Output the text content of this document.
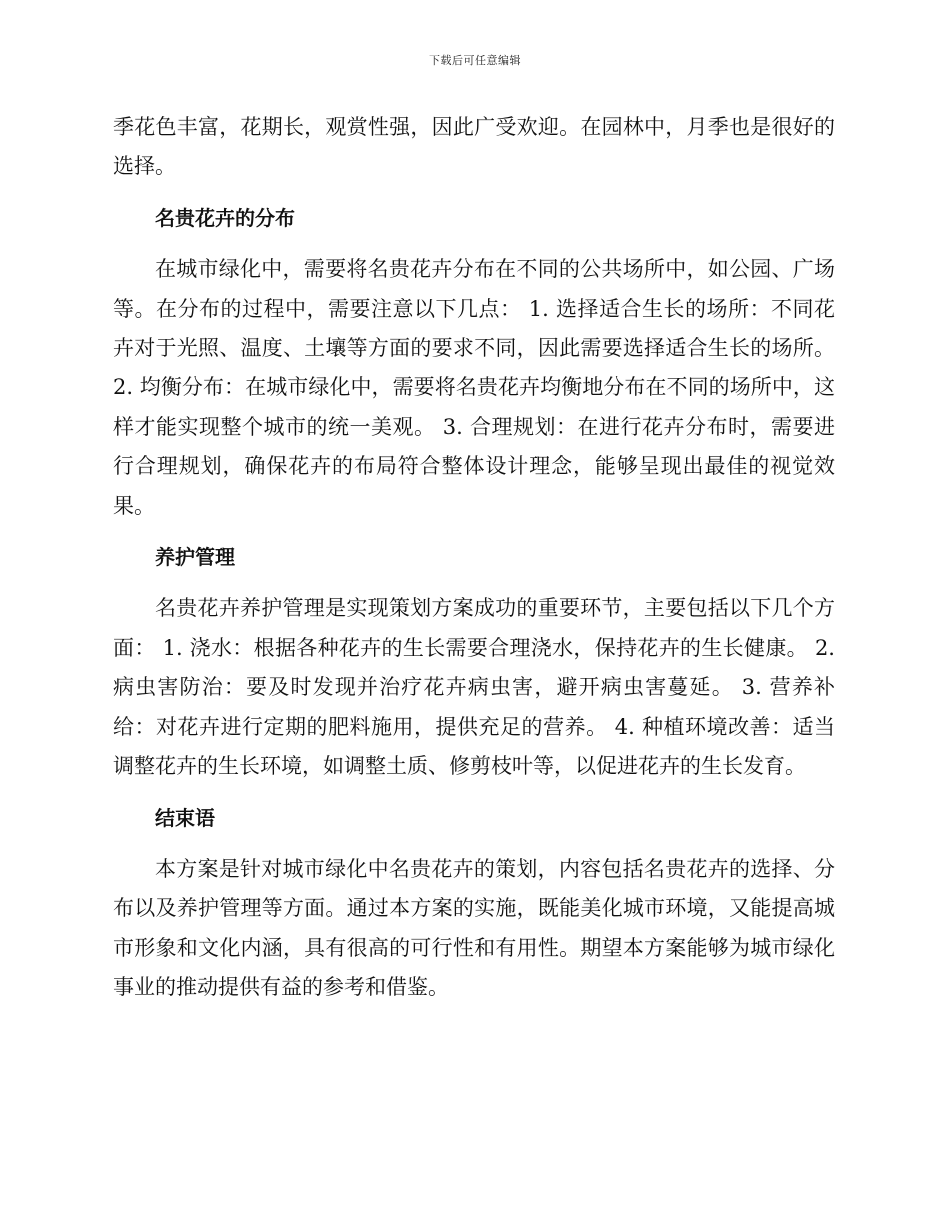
下载后可任意编辑

季花色丰富，花期长，观赏性强，因此广受欢迎。在园林中，月季也是很好的选择。

名贵花卉的分布

在城市绿化中，需要将名贵花卉分布在不同的公共场所中，如公园、广场等。在分布的过程中，需要注意以下几点： 1. 选择适合生长的场所：不同花卉对于光照、温度、土壤等方面的要求不同，因此需要选择适合生长的场所。 2. 均衡分布：在城市绿化中，需要将名贵花卉均衡地分布在不同的场所中，这样才能实现整个城市的统一美观。 3. 合理规划：在进行花卉分布时，需要进行合理规划，确保花卉的布局符合整体设计理念，能够呈现出最佳的视觉效果。

养护管理

名贵花卉养护管理是实现策划方案成功的重要环节，主要包括以下几个方面： 1. 浇水：根据各种花卉的生长需要合理浇水，保持花卉的生长健康。 2. 病虫害防治：要及时发现并治疗花卉病虫害，避开病虫害蔓延。 3. 营养补给：对花卉进行定期的肥料施用，提供充足的营养。 4. 种植环境改善：适当调整花卉的生长环境，如调整土质、修剪枝叶等，以促进花卉的生长发育。

结束语

本方案是针对城市绿化中名贵花卉的策划，内容包括名贵花卉的选择、分布以及养护管理等方面。通过本方案的实施，既能美化城市环境，又能提高城市形象和文化内涵，具有很高的可行性和有用性。期望本方案能够为城市绿化事业的推动提供有益的参考和借鉴。
